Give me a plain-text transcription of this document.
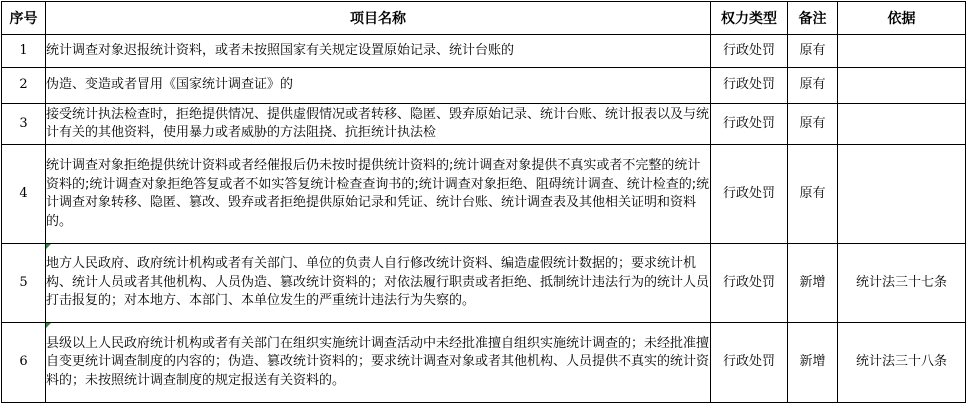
序号	项目名称	权力类型	备注	依据
1	统计调查对象迟报统计资料，或者未按照国家有关规定设置原始记录、统计台账的	行政处罚	原有	
2	伪造、变造或者冒用《国家统计调查证》的	行政处罚	原有	
3	接受统计执法检查时，拒绝提供情况、提供虚假情况或者转移、隐匿、毁弃原始记录、统计台账、统计报表以及与统计有关的其他资料，使用暴力或者威胁的方法阻挠、抗拒统计执法检	行政处罚	原有	
4	统计调查对象拒绝提供统计资料或者经催报后仍未按时提供统计资料的;统计调查对象提供不真实或者不完整的统计资料的;统计调查对象拒绝答复或者不如实答复统计检查查询书的;统计调查对象拒绝、阻碍统计调查、统计检查的;统计调查对象转移、隐匿、篡改、毁弃或者拒绝提供原始记录和凭证、统计台账、统计调查表及其他相关证明和资料的。	行政处罚	原有	
5	地方人民政府、政府统计机构或者有关部门、单位的负责人自行修改统计资料、编造虚假统计数据的；要求统计机构、统计人员或者其他机构、人员伪造、篡改统计资料的；对依法履行职责或者拒绝、抵制统计违法行为的统计人员打击报复的；对本地方、本部门、本单位发生的严重统计违法行为失察的。	行政处罚	新增	统计法三十七条
6	县级以上人民政府统计机构或者有关部门在组织实施统计调查活动中未经批准擅自组织实施统计调查的；未经批准擅自变更统计调查制度的内容的；伪造、篡改统计资料的；要求统计调查对象或者其他机构、人员提供不真实的统计资料的；未按照统计调查制度的规定报送有关资料的。	行政处罚	新增	统计法三十八条
